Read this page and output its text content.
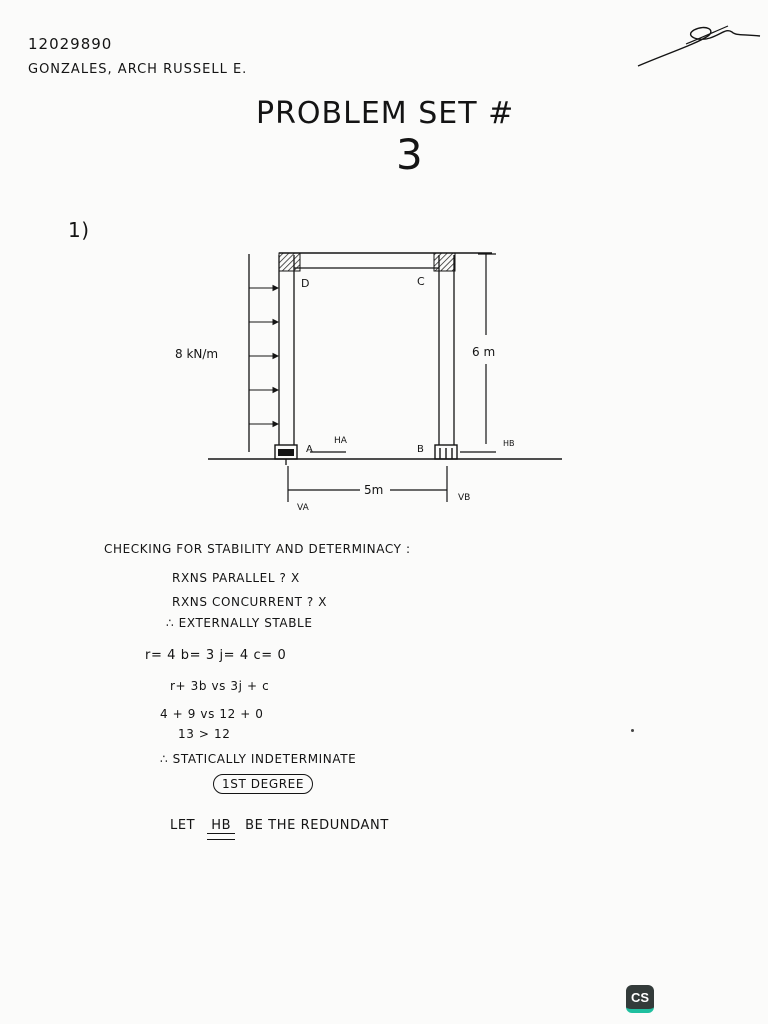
12029890
GONZALES, ARCH RUSSELL E.
PROBLEM SET #
3
1)
8 kN/m	6 m
5m
D	C
A	B
HA	HB
VA
VB
CHECKING FOR STABILITY AND DETERMINACY :
RXNS PARALLEL ? X
RXNS CONCURRENT ? X
∴ EXTERNALLY STABLE
r= 4 b= 3 j= 4 c= 0
r+ 3b vs 3j + c
4 + 9 vs 12 + 0
13 > 12
∴ STATICALLY INDETERMINATE
1ST DEGREE
LET HB BE THE REDUNDANT
CS
